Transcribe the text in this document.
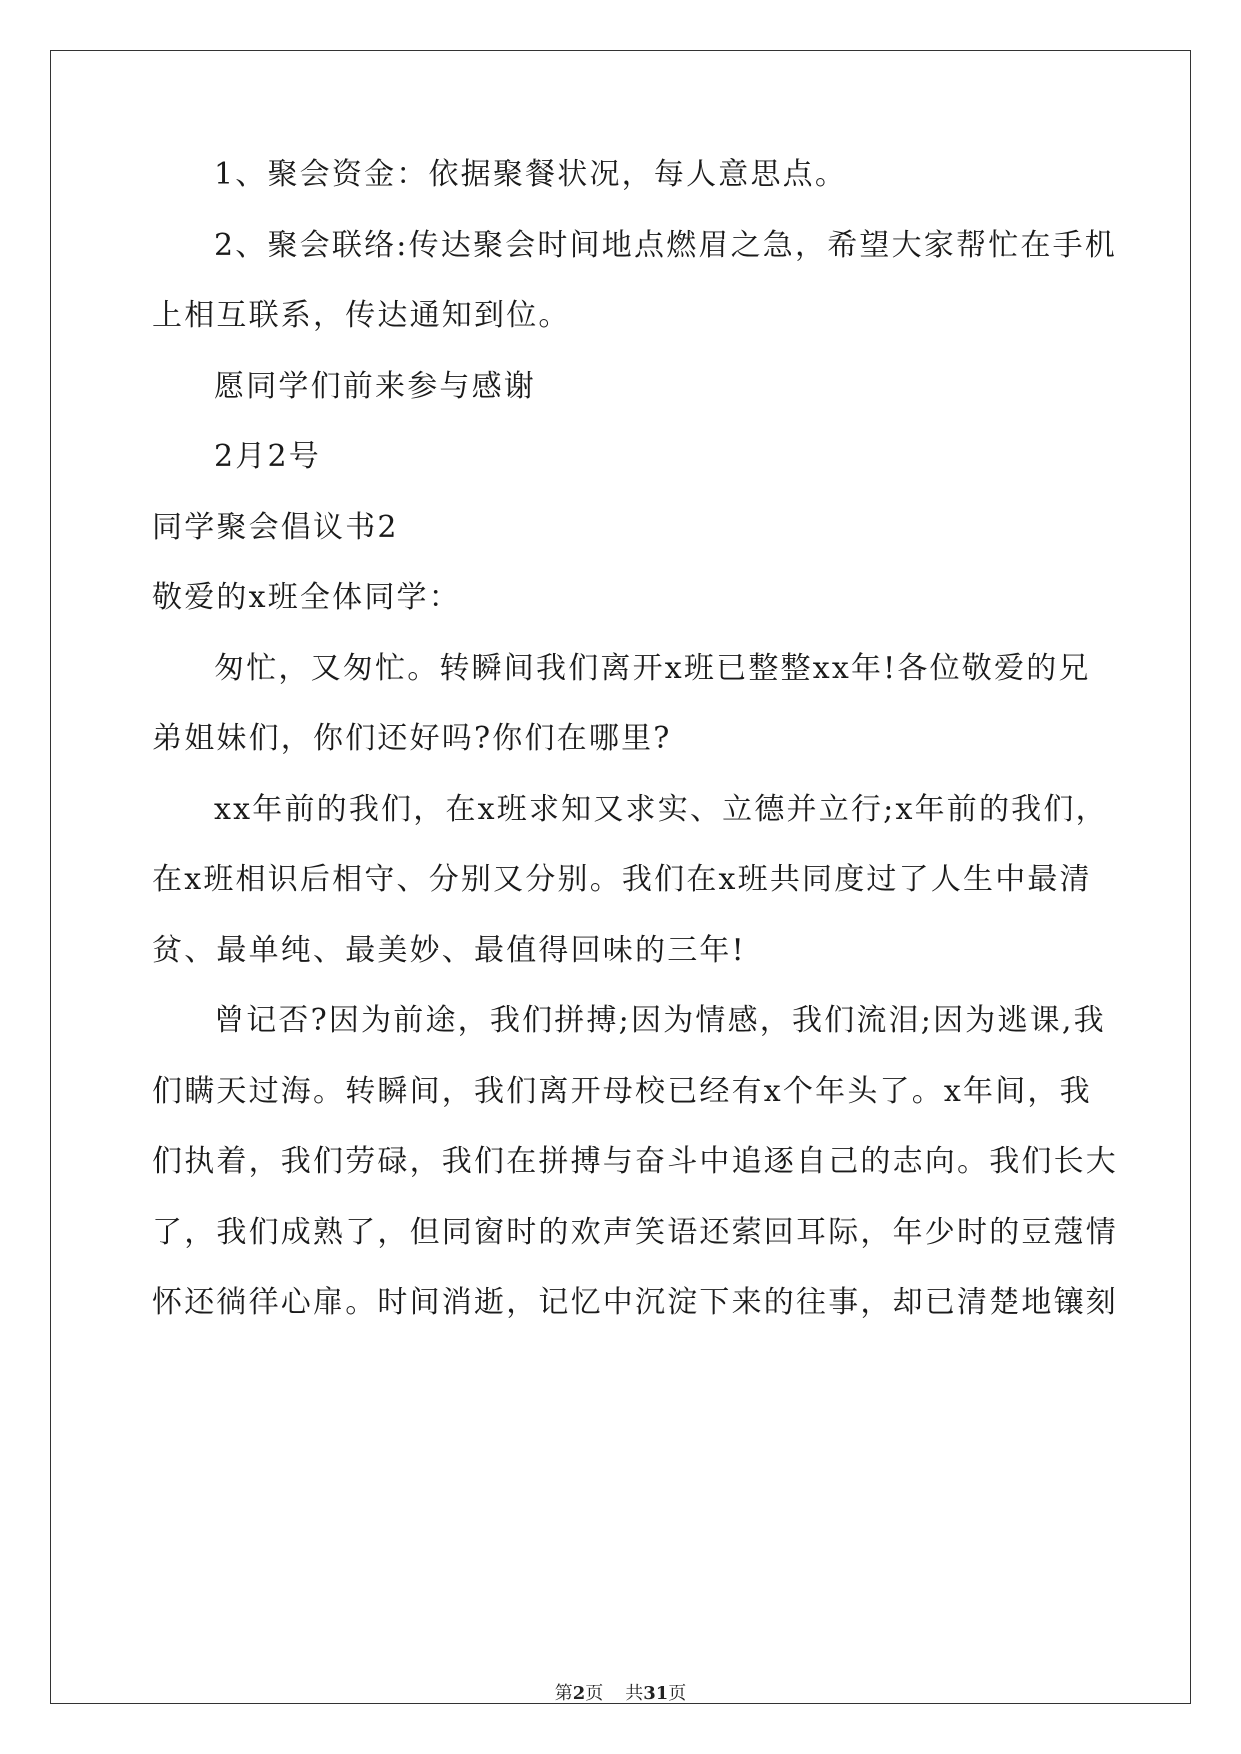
1、聚会资金：依据聚餐状况，每人意思点。
2、聚会联络:传达聚会时间地点燃眉之急，希望大家帮忙在手机
上相互联系，传达通知到位。
愿同学们前来参与感谢
2月2号
同学聚会倡议书2
敬爱的x班全体同学：
匆忙，又匆忙。转瞬间我们离开x班已整整xx年!各位敬爱的兄
弟姐妹们，你们还好吗?你们在哪里?
xx年前的我们，在x班求知又求实、立德并立行;x年前的我们，
在x班相识后相守、分别又分别。我们在x班共同度过了人生中最清
贫、最单纯、最美妙、最值得回味的三年!
曾记否?因为前途，我们拼搏;因为情感，我们流泪;因为逃课,我
们瞒天过海。转瞬间，我们离开母校已经有x个年头了。x年间，我
们执着，我们劳碌，我们在拼搏与奋斗中追逐自己的志向。我们长大
了，我们成熟了，但同窗时的欢声笑语还萦回耳际，年少时的豆蔻情
怀还徜徉心扉。时间消逝，记忆中沉淀下来的往事，却已清楚地镶刻
第2页 共31页
